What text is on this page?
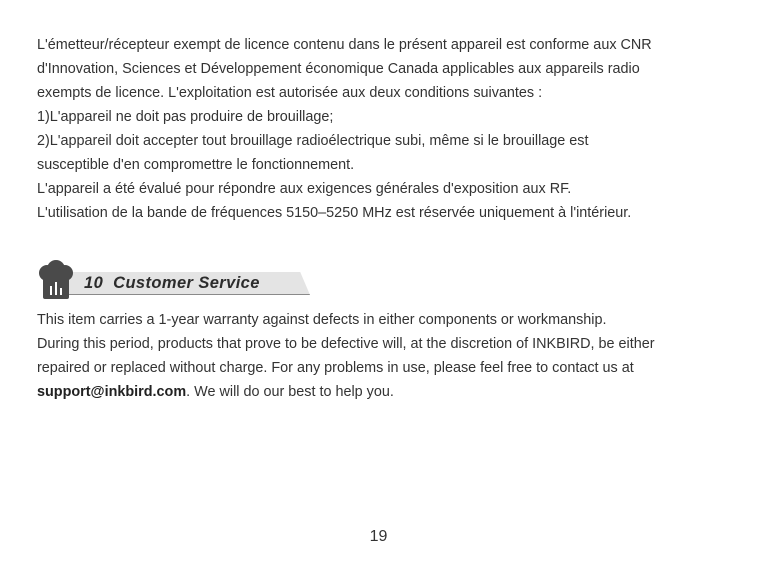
L'émetteur/récepteur exempt de licence contenu dans le présent appareil est conforme aux CNR
d'Innovation, Sciences et Développement économique Canada applicables aux appareils radio
exempts de licence. L'exploitation est autorisée aux deux conditions suivantes :
1)L'appareil ne doit pas produire de brouillage;
2)L'appareil doit accepter tout brouillage radioélectrique subi, même si le brouillage est
susceptible d'en compromettre le fonctionnement.
L'appareil a été évalué pour répondre aux exigences générales d'exposition aux RF.
L'utilisation de la bande de fréquences 5150–5250 MHz est réservée uniquement à l'intérieur.
10 Customer Service
This item carries a 1-year warranty against defects in either components or workmanship.
During this period, products that prove to be defective will, at the discretion of INKBIRD, be either
repaired or replaced without charge. For any problems in use, please feel free to contact us at
support@inkbird.com. We will do our best to help you.
19
